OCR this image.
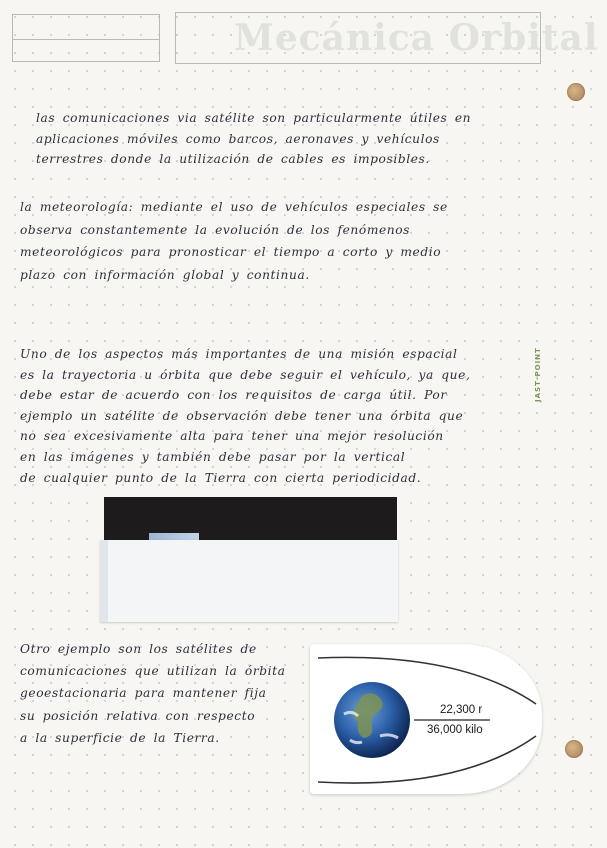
Mecánica Orbital
JAST·POINT

las comunicaciones via satélite son particularmente útiles en
aplicaciones móviles como barcos, aeronaves y vehículos
terrestres donde la utilización de cables es imposibles.

la meteorología: mediante el uso de vehículos especiales se
observa constantemente la evolución de los fenómenos
meteorológicos para pronosticar el tiempo a corto y medio
plazo con información global y continua.

Uno de los aspectos más importantes de una misión espacial
es la trayectoria u órbita que debe seguir el vehículo, ya que,
debe estar de acuerdo con los requisitos de carga útil. Por
ejemplo un satélite de observación debe tener una órbita que
no sea excesivamente alta para tener una mejor resolución
en las imágenes y también debe pasar por la vertical
de cualquier punto de la Tierra con cierta periodicidad.

Otro ejemplo son los satélites de
comunicaciones que utilizan la órbita
geoestacionaria para mantener fija
su posición relativa con respecto
a la superficie de la Tierra.

22,300 r
36,000 kilo
